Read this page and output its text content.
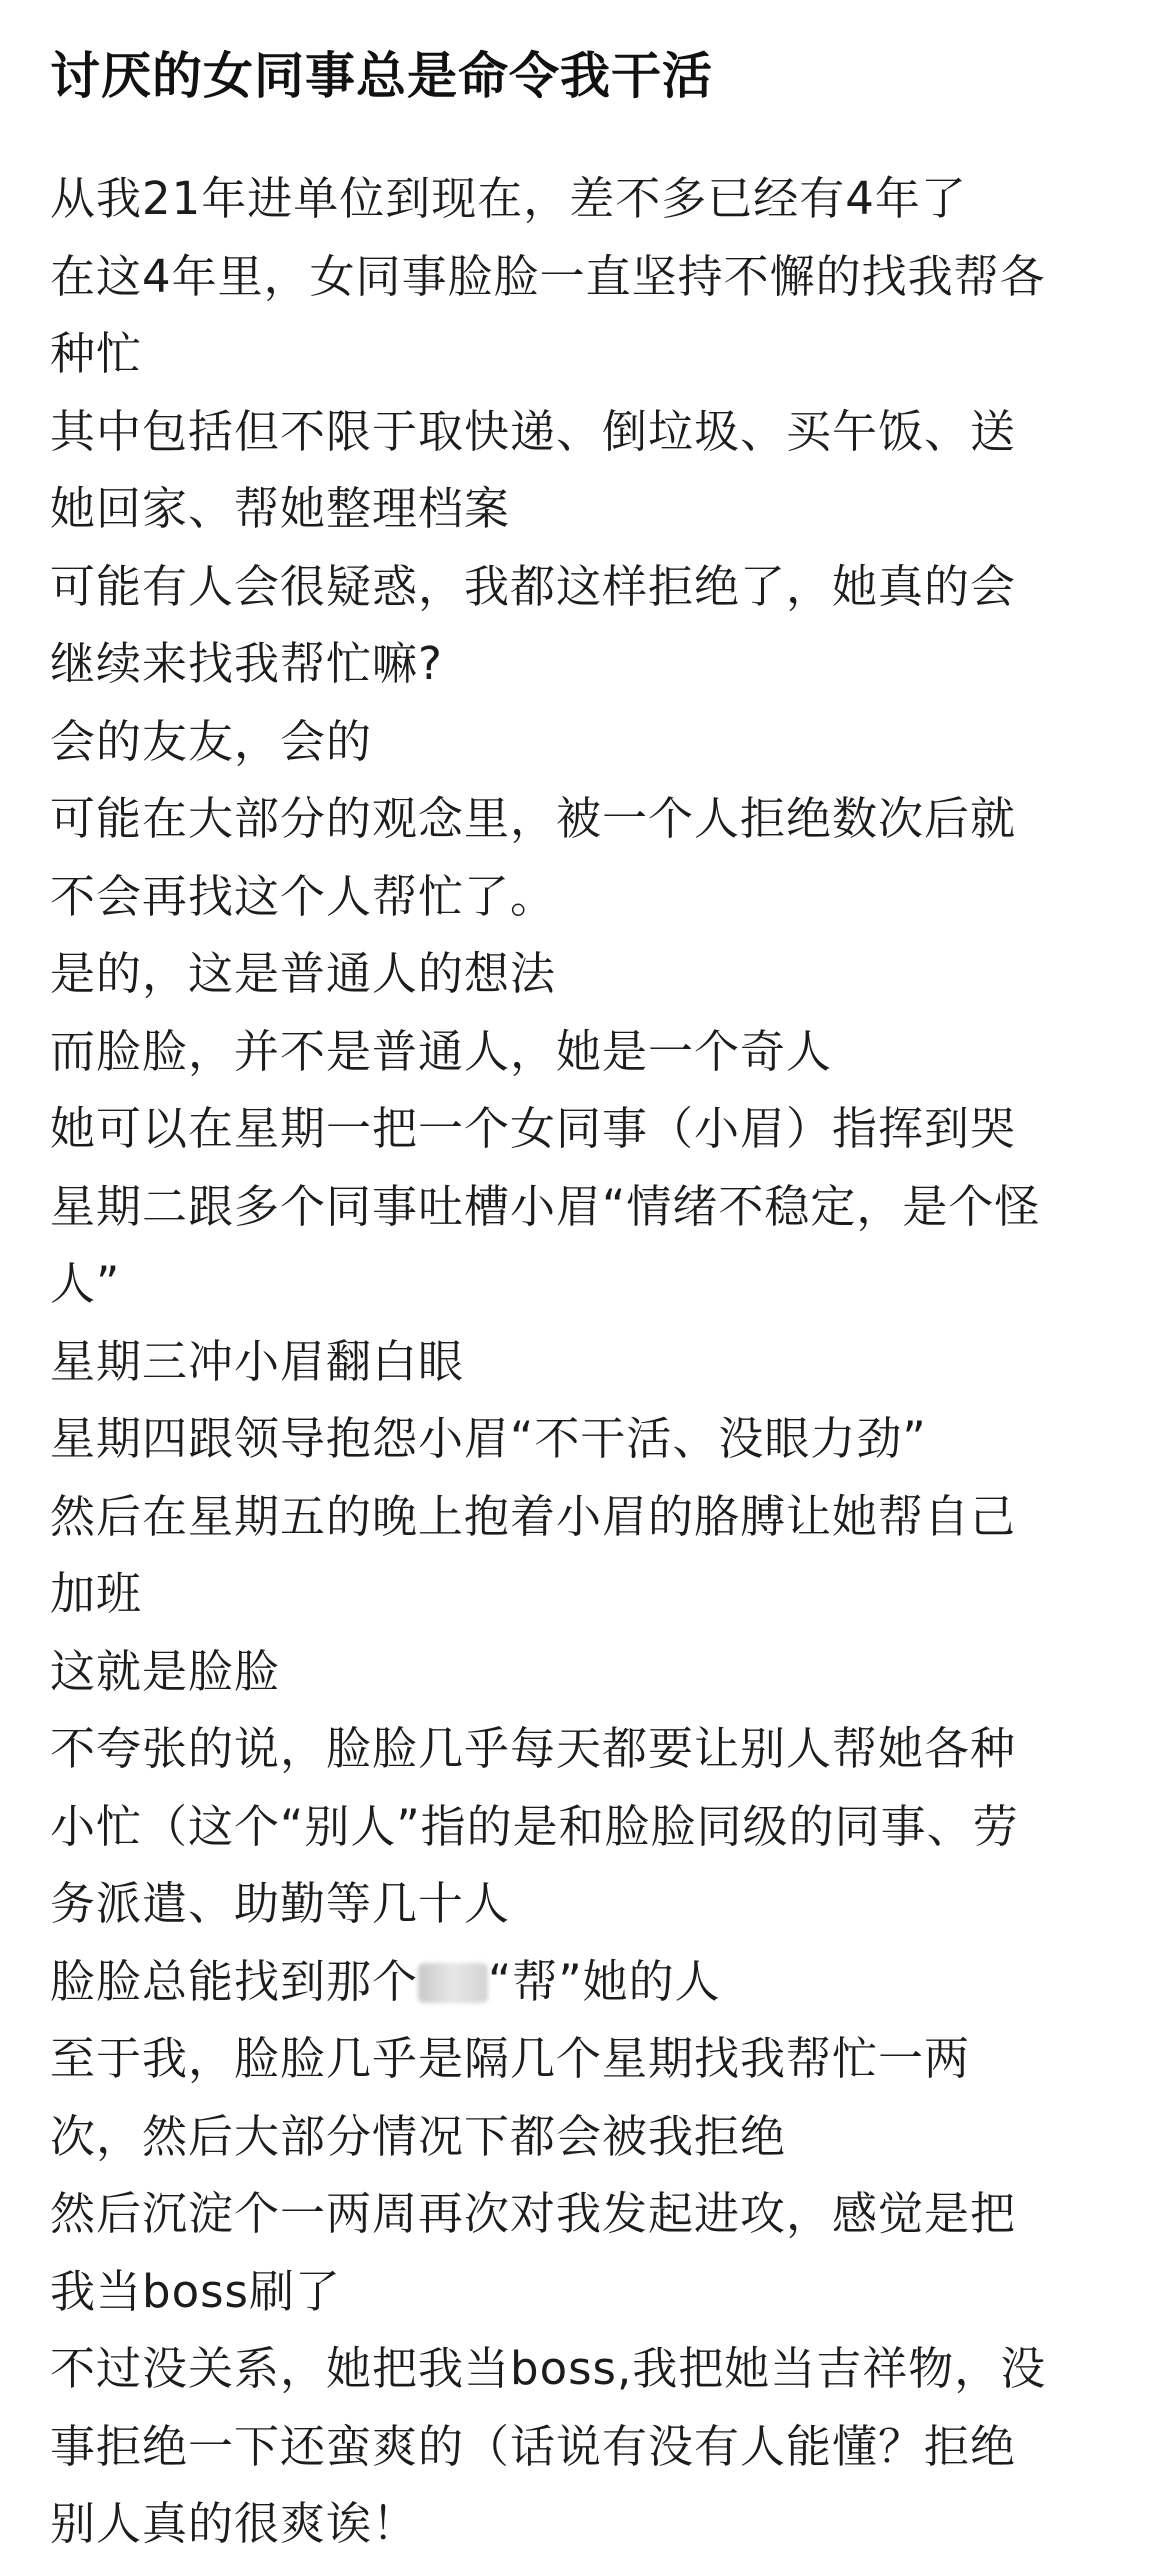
讨厌的女同事总是命令我干活
从我21年进单位到现在，差不多已经有4年了
在这4年里，女同事脸脸一直坚持不懈的找我帮各
种忙
其中包括但不限于取快递、倒垃圾、买午饭、送
她回家、帮她整理档案
可能有人会很疑惑，我都这样拒绝了，她真的会
继续来找我帮忙嘛?
会的友友，会的
可能在大部分的观念里，被一个人拒绝数次后就
不会再找这个人帮忙了。
是的，这是普通人的想法
而脸脸，并不是普通人，她是一个奇人
她可以在星期一把一个女同事（小眉）指挥到哭
星期二跟多个同事吐槽小眉“情绪不稳定，是个怪
人”
星期三冲小眉翻白眼
星期四跟领导抱怨小眉“不干活、没眼力劲”
然后在星期五的晚上抱着小眉的胳膊让她帮自己
加班
这就是脸脸
不夸张的说，脸脸几乎每天都要让别人帮她各种
小忙（这个“别人”指的是和脸脸同级的同事、劳
务派遣、助勤等几十人
脸脸总能找到那个 “帮”她的人
至于我，脸脸几乎是隔几个星期找我帮忙一两
次，然后大部分情况下都会被我拒绝
然后沉淀个一两周再次对我发起进攻，感觉是把
我当boss刷了
不过没关系，她把我当boss,我把她当吉祥物，没
事拒绝一下还蛮爽的（话说有没有人能懂？拒绝
别人真的很爽诶！
